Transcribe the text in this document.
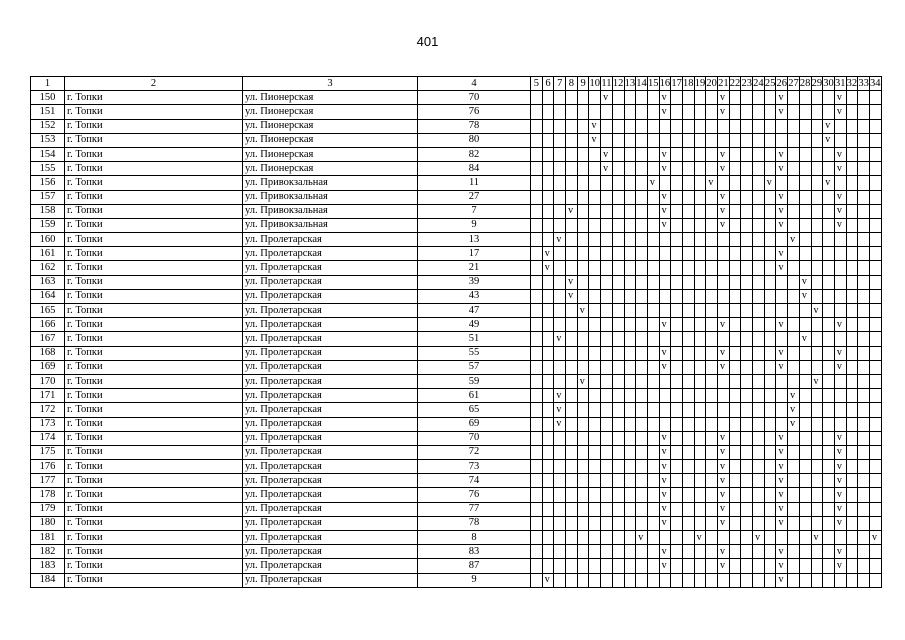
401
1	2	3	4	5	6	7	8	9	10	11	12	13	14	15	16	17	18	19	20	21	22	23	24	25	26	27	28	29	30	31	32	33	34
150	г. Топки	ул. Пионерская	70							v					v					v					v					v			
151	г. Топки	ул. Пионерская	76												v					v					v					v			
152	г. Топки	ул. Пионерская	78						v																				v				
153	г. Топки	ул. Пионерская	80						v																				v				
154	г. Топки	ул. Пионерская	82							v					v					v					v					v			
155	г. Топки	ул. Пионерская	84							v					v					v					v					v			
156	г. Топки	ул. Привокзальная	11											v					v					v					v				
157	г. Топки	ул. Привокзальная	27												v					v					v					v			
158	г. Топки	ул. Привокзальная	7				v								v					v					v					v			
159	г. Топки	ул. Привокзальная	9												v					v					v					v			
160	г. Топки	ул. Пролетарская	13			v																				v							
161	г. Топки	ул. Пролетарская	17		v																				v								
162	г. Топки	ул. Пролетарская	21		v																				v								
163	г. Топки	ул. Пролетарская	39				v																				v						
164	г. Топки	ул. Пролетарская	43				v																				v						
165	г. Топки	ул. Пролетарская	47					v																				v					
166	г. Топки	ул. Пролетарская	49												v					v					v					v			
167	г. Топки	ул. Пролетарская	51			v																					v						
168	г. Топки	ул. Пролетарская	55												v					v					v					v			
169	г. Топки	ул. Пролетарская	57												v					v					v					v			
170	г. Топки	ул. Пролетарская	59					v																				v					
171	г. Топки	ул. Пролетарская	61			v																				v							
172	г. Топки	ул. Пролетарская	65			v																				v							
173	г. Топки	ул. Пролетарская	69			v																				v							
174	г. Топки	ул. Пролетарская	70												v					v					v					v			
175	г. Топки	ул. Пролетарская	72												v					v					v					v			
176	г. Топки	ул. Пролетарская	73												v					v					v					v			
177	г. Топки	ул. Пролетарская	74												v					v					v					v			
178	г. Топки	ул. Пролетарская	76												v					v					v					v			
179	г. Топки	ул. Пролетарская	77												v					v					v					v			
180	г. Топки	ул. Пролетарская	78												v					v					v					v			
181	г. Топки	ул. Пролетарская	8										v					v					v					v					v
182	г. Топки	ул. Пролетарская	83												v					v					v					v			
183	г. Топки	ул. Пролетарская	87												v					v					v					v			
184	г. Топки	ул. Пролетарская	9		v																				v								
